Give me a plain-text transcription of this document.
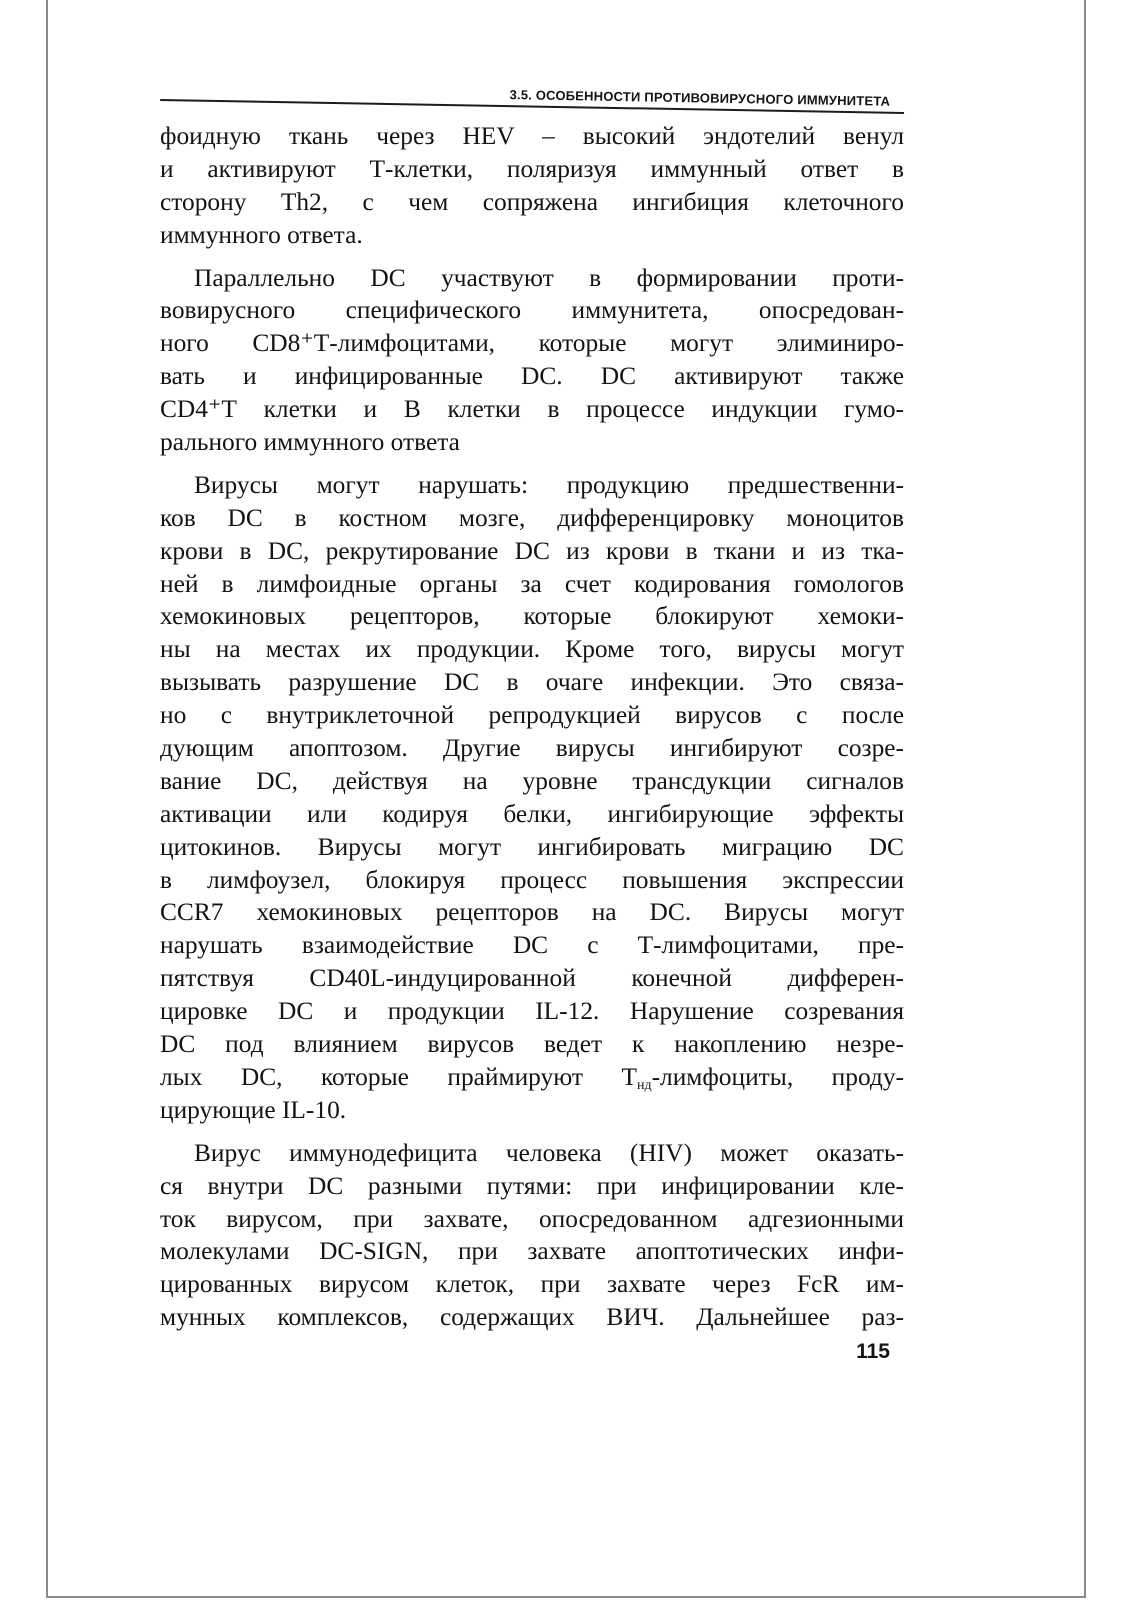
3.5. ОСОБЕННОСТИ ПРОТИВОВИРУСНОГО ИММУНИТЕТА
фоидную ткань через HEV – высокий эндотелий венул
и активируют Т-клетки, поляризуя иммунный ответ в
сторону Th2, с чем сопряжена ингибиция клеточного
иммунного ответа.
Параллельно DC участвуют в формировании проти-
вовирусного специфического иммунитета, опосредован-
ного CD8⁺Т-лимфоцитами, которые могут элиминиро-
вать и инфицированные DC. DC активируют также
CD4⁺Т клетки и В клетки в процессе индукции гумо-
рального иммунного ответа
Вирусы могут нарушать: продукцию предшественни-
ков DC в костном мозге, дифференцировку моноцитов
крови в DC, рекрутирование DC из крови в ткани и из тка-
ней в лимфоидные органы за счет кодирования гомологов
хемокиновых рецепторов, которые блокируют хемоки-
ны на местах их продукции. Кроме того, вирусы могут
вызывать разрушение DC в очаге инфекции. Это связа-
но с внутриклеточной репродукцией вирусов с после
дующим апоптозом. Другие вирусы ингибируют созре-
вание DC, действуя на уровне трансдукции сигналов
активации или кодируя белки, ингибирующие эффекты
цитокинов. Вирусы могут ингибировать миграцию DC
в лимфоузел, блокируя процесс повышения экспрессии
CCR7 хемокиновых рецепторов на DC. Вирусы могут
нарушать взаимодействие DC с Т-лимфоцитами, пре-
пятствуя CD40L-индуцированной конечной дифферен-
цировке DC и продукции IL-12. Нарушение созревания
DC под влиянием вирусов ведет к накоплению незре-
лых DC, которые праймируют $T_{нд}$-лимфоциты, проду-
цирующие IL-10.
Вирус иммунодефицита человека (HIV) может оказать-
ся внутри DC разными путями: при инфицировании кле-
ток вирусом, при захвате, опосредованном адгезионными
молекулами DC-SIGN, при захвате апоптотических инфи-
цированных вирусом клеток, при захвате через FcR им-
мунных комплексов, содержащих ВИЧ. Дальнейшее раз-
115
